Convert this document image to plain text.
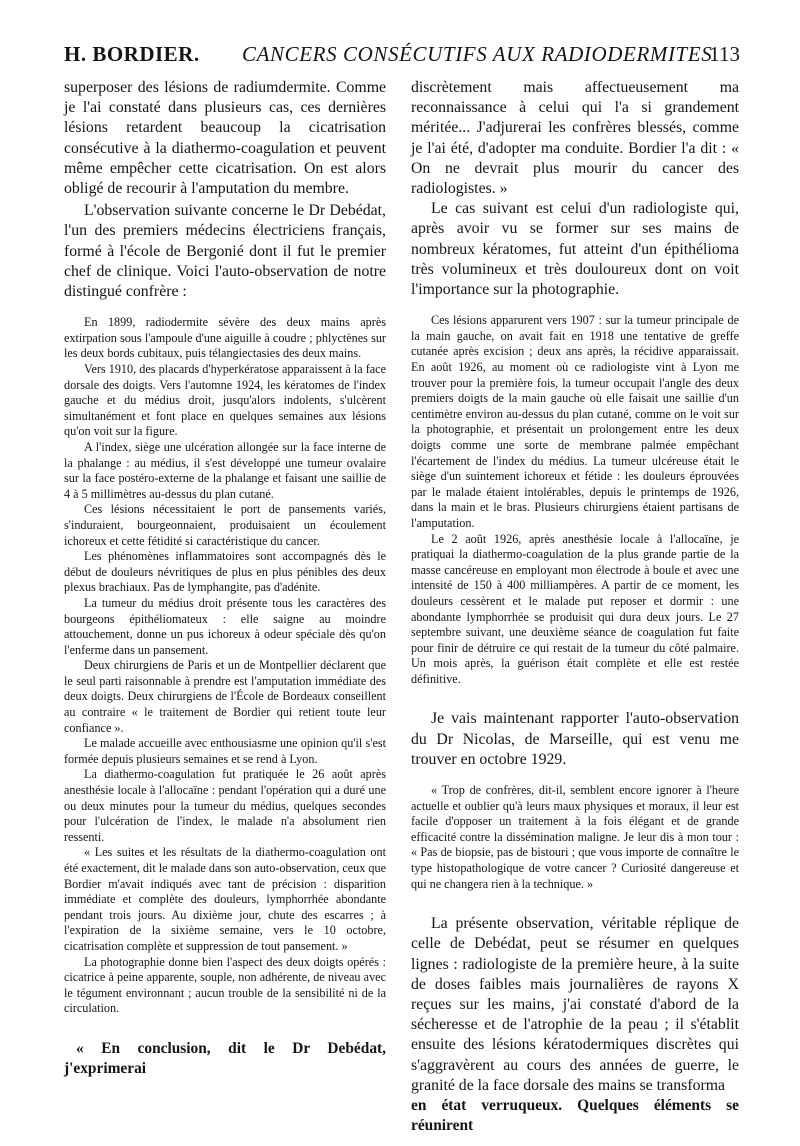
H. BORDIER. CANCERS CONSÉCUTIFS AUX RADIODERMITES
113

superposer des lésions de radiumdermite. Comme je l'ai constaté dans plusieurs cas, ces dernières lésions retardent beaucoup la cicatrisation consécutive à la diathermo-coagulation et peuvent même empêcher cette cicatrisation. On est alors obligé de recourir à l'amputation du membre.

L'observation suivante concerne le Dr Debédat, l'un des premiers médecins électriciens français, formé à l'école de Bergonié dont il fut le premier chef de clinique. Voici l'auto-observation de notre distingué confrère :

En 1899, radiodermite sévère des deux mains après extirpation sous l'ampoule d'une aiguille à coudre ; phlyctènes sur les deux bords cubitaux, puis télangiectasies des deux mains.

Vers 1910, des placards d'hyperkératose apparaissent à la face dorsale des doigts. Vers l'automne 1924, les kératomes de l'index gauche et du médius droit, jusqu'alors indolents, s'ulcèrent simultanément et font place en quelques semaines aux lésions qu'on voit sur la figure.

A l'index, siège une ulcération allongée sur la face interne de la phalange : au médius, il s'est développé une tumeur ovalaire sur la face postéro-externe de la phalange et faisant une saillie de 4 à 5 millimètres au-dessus du plan cutané.

Ces lésions nécessitaient le port de pansements variés, s'induraient, bourgeonnaient, produisaient un écoulement ichoreux et cette fétidité si caractéristique du cancer.

Les phénomènes inflammatoires sont accompagnés dès le début de douleurs névritiques de plus en plus pénibles des deux plexus brachiaux. Pas de lymphangite, pas d'adénite.

La tumeur du médius droit présente tous les caractères des bourgeons épithéliomateux : elle saigne au moindre attouchement, donne un pus ichoreux à odeur spéciale dès qu'on l'enferme dans un pansement.

Deux chirurgiens de Paris et un de Montpellier déclarent que le seul parti raisonnable à prendre est l'amputation immédiate des deux doigts. Deux chirurgiens de l'École de Bordeaux conseillent au contraire « le traitement de Bordier qui retient toute leur confiance ».

Le malade accueille avec enthousiasme une opinion qu'il s'est formée depuis plusieurs semaines et se rend à Lyon.

La diathermo-coagulation fut pratiquée le 26 août après anesthésie locale à l'allocaïne : pendant l'opération qui a duré une ou deux minutes pour la tumeur du médius, quelques secondes pour l'ulcération de l'index, le malade n'a absolument rien ressenti.

« Les suites et les résultats de la diathermo-coagulation ont été exactement, dit le malade dans son auto-observation, ceux que Bordier m'avait indiqués avec tant de précision : disparition immédiate et complète des douleurs, lymphorrhée abondante pendant trois jours. Au dixième jour, chute des escarres ; à l'expiration de la sixième semaine, vers le 10 octobre, cicatrisation complète et suppression de tout pansement. »

La photographie donne bien l'aspect des deux doigts opérés : cicatrice à peine apparente, souple, non adhérente, de niveau avec le tégument environnant ; aucun trouble de la sensibilité ni de la circulation.

« En conclusion, dit le Dr Debédat, j'exprimerai

discrètement mais affectueusement ma reconnaissance à celui qui l'a si grandement méritée... J'adjurerai les confrères blessés, comme je l'ai été, d'adopter ma conduite. Bordier l'a dit : « On ne devrait plus mourir du cancer des radiologistes. »

Le cas suivant est celui d'un radiologiste qui, après avoir vu se former sur ses mains de nombreux kératomes, fut atteint d'un épithélioma très volumineux et très douloureux dont on voit l'importance sur la photographie.

Ces lésions apparurent vers 1907 : sur la tumeur principale de la main gauche, on avait fait en 1918 une tentative de greffe cutanée après excision ; deux ans après, la récidive apparaissait. En août 1926, au moment où ce radiologiste vint à Lyon me trouver pour la première fois, la tumeur occupait l'angle des deux premiers doigts de la main gauche où elle faisait une saillie d'un centimètre environ au-dessus du plan cutané, comme on le voit sur la photographie, et présentait un prolongement entre les deux doigts comme une sorte de membrane palmée empêchant l'écartement de l'index du médius. La tumeur ulcéreuse était le siège d'un suintement ichoreux et fétide : les douleurs éprouvées par le malade étaient intolérables, depuis le printemps de 1926, dans la main et le bras. Plusieurs chirurgiens étaient partisans de l'amputation.

Le 2 août 1926, après anesthésie locale à l'allocaïne, je pratiquai la diathermo-coagulation de la plus grande partie de la masse cancéreuse en employant mon électrode à boule et avec une intensité de 150 à 400 milliampères. A partir de ce moment, les douleurs cessèrent et le malade put reposer et dormir : une abondante lymphorrhée se produisit qui dura deux jours. Le 27 septembre suivant, une deuxième séance de coagulation fut faite pour finir de détruire ce qui restait de la tumeur du côté palmaire. Un mois après, la guérison était complète et elle est restée définitive.

Je vais maintenant rapporter l'auto-observation du Dr Nicolas, de Marseille, qui est venu me trouver en octobre 1929.

« Trop de confrères, dit-il, semblent encore ignorer à l'heure actuelle et oublier qu'à leurs maux physiques et moraux, il leur est facile d'opposer un traitement à la fois élégant et de grande efficacité contre la dissémination maligne. Je leur dis à mon tour : « Pas de biopsie, pas de bistouri ; que vous importe de connaître le type histopathologique de votre cancer ? Curiosité dangereuse et qui ne changera rien à la technique. »

La présente observation, véritable réplique de celle de Debédat, peut se résumer en quelques lignes : radiologiste de la première heure, à la suite de doses faibles mais journalières de rayons X reçues sur les mains, j'ai constaté d'abord de la sécheresse et de l'atrophie de la peau ; il s'établit ensuite des lésions kératodermiques discrètes qui s'aggravèrent au cours des années de guerre, le granité de la face dorsale des mains se transforma

en état verruqueux. Quelques éléments se réunirent
